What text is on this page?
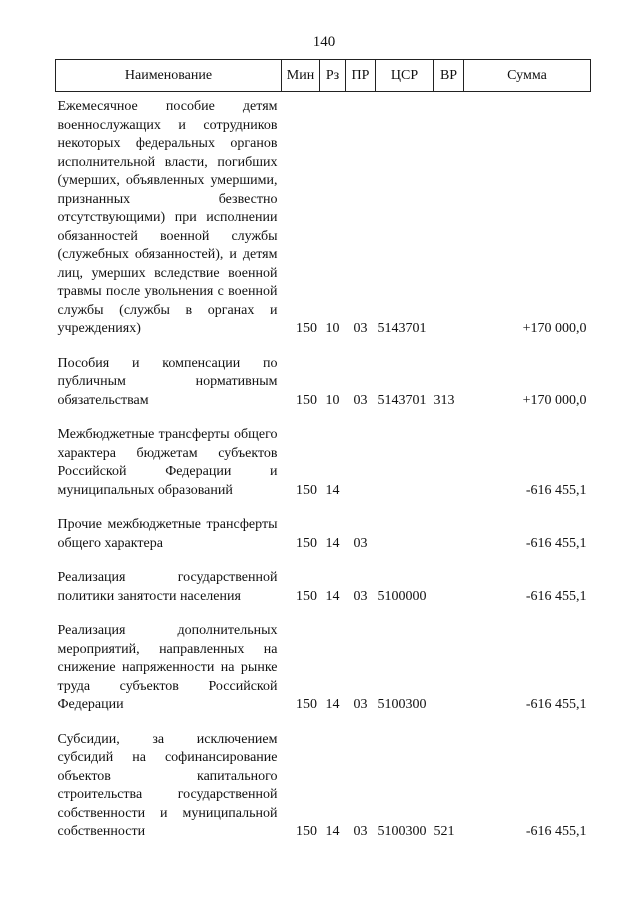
140
Наименование	Мин	Рз	ПР	ЦСР	ВР	Сумма
Ежемесячное пособие детям военнослужащих и сотрудников некоторых федеральных органов исполнительной власти, погибших (умерших, объявленных умершими, признанных безвестно отсутствующими) при исполнении обязанностей военной службы (служебных обязанностей), и детям лиц, умерших вследствие военной травмы после увольнения с военной службы (службы в органах и учреждениях)	150	10	03	5143701		+170 000,0
Пособия и компенсации по публичным нормативным обязательствам	150	10	03	5143701	313	+170 000,0
Межбюджетные трансферты общего характера бюджетам субъектов Российской Федерации и муниципальных образований	150	14				-616 455,1
Прочие межбюджетные трансферты общего характера	150	14	03			-616 455,1
Реализация государственной политики занятости населения	150	14	03	5100000		-616 455,1
Реализация дополнительных мероприятий, направленных на снижение напряженности на рынке труда субъектов Российской Федерации	150	14	03	5100300		-616 455,1
Субсидии, за исключением субсидий на софинансирование объектов капитального строительства государственной собственности и муниципальной собственности	150	14	03	5100300	521	-616 455,1
